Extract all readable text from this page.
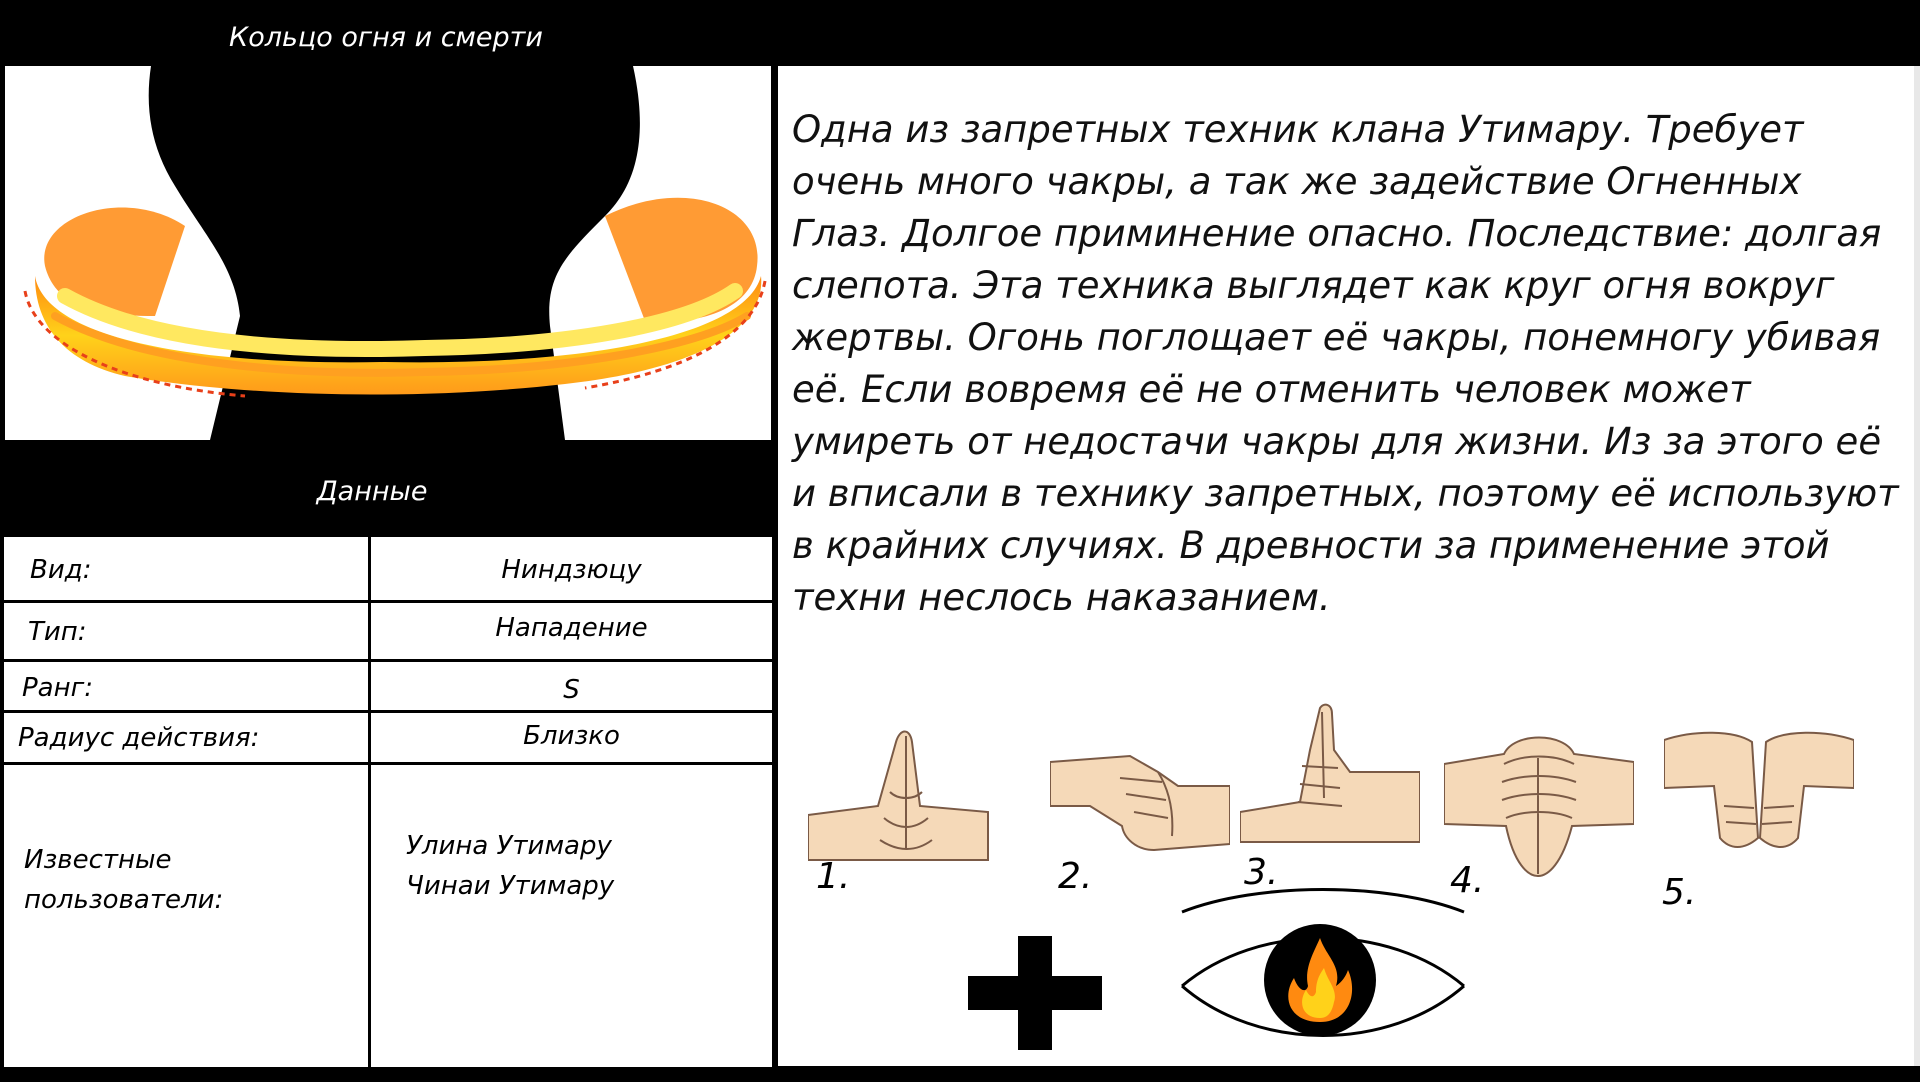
Кольцо огня и смерти
Данные
Вид:	Ниндзюцу
Тип:	Нападение
Ранг:	S
Радиус действия:	Близко
Известные
пользователи:
Улина Утимару
Чинаи Утимару
Одна из запретных техник клана Утимару. Требует очень много чакры, а так же задействие Огненных Глаз. Долгое приминение опасно. Последствие: долгая слепота. Эта техника выглядет как круг огня вокруг жертвы. Огонь поглощает её чакры, понемногу убивая её. Если вовремя её не отменить человек может умиреть от недостачи чакры для жизни. Из за этого её и вписали в технику запретных, поэтому её используют в крайних случиях. В древности за применение этой техни неслось наказанием.
1.	2.	3.	4.	5.
